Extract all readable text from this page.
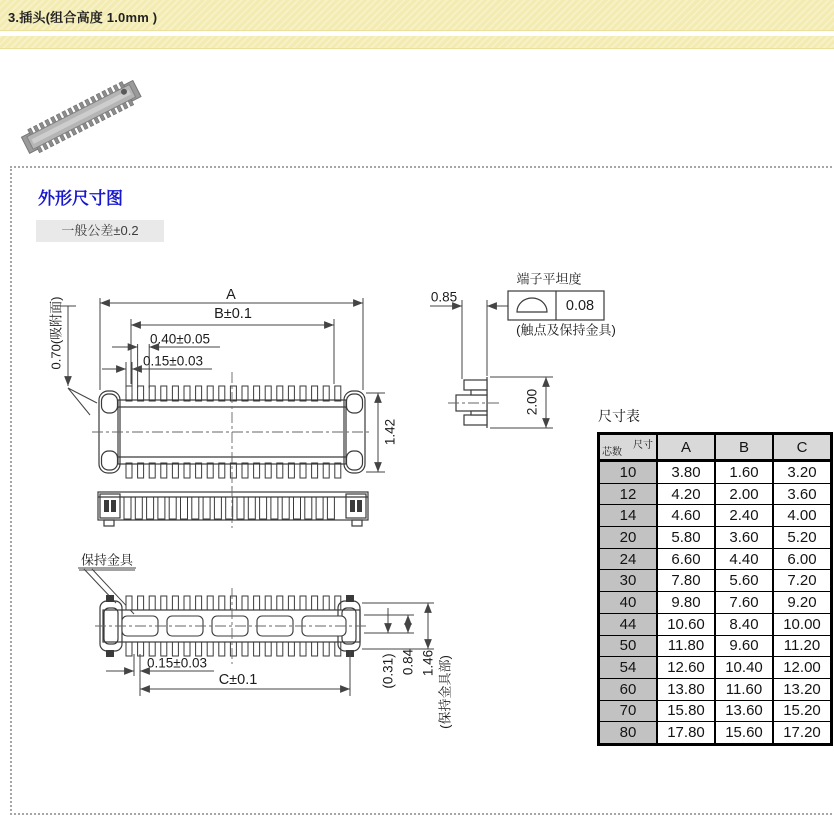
3.插头(组合高度 1.0mm )
外形尺寸图
一般公差±0.2
A
B±0.1
0.40±0.05
0.15±0.03
0.70(吸附面)
1.42
0.85
端子平坦度
0.08
(触点及保持金具)
2.00
保持金具
0.15±0.03
C±0.1	(0.31) 0.84 1.46 (保持金具部)
尺寸表
尺寸
芯数	A	B	C
10	3.80	1.60	3.20
12	4.20	2.00	3.60
14	4.60	2.40	4.00
20	5.80	3.60	5.20
24	6.60	4.40	6.00
30	7.80	5.60	7.20
40	9.80	7.60	9.20
44	10.60	8.40	10.00
50	11.80	9.60	11.20
54	12.60	10.40	12.00
60	13.80	11.60	13.20
70	15.80	13.60	15.20
80	17.80	15.60	17.20
